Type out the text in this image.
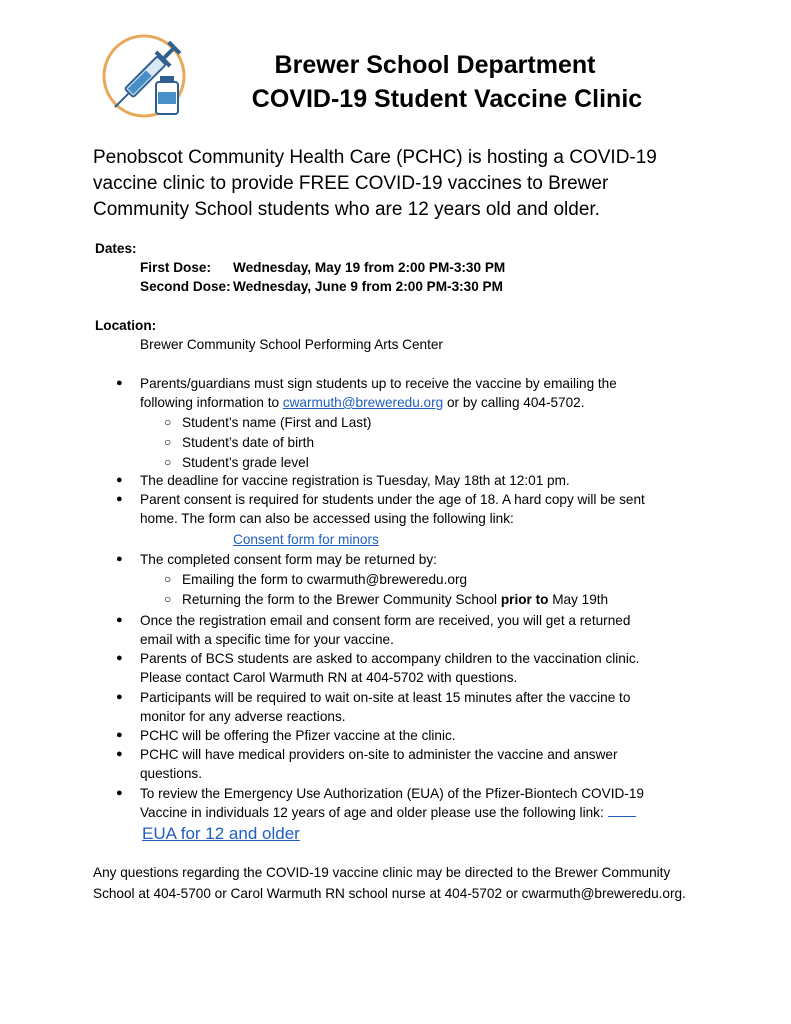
Brewer School Department
COVID-19 Student Vaccine Clinic
Penobscot Community Health Care (PCHC) is hosting a COVID-19 vaccine clinic to provide FREE COVID-19 vaccines to Brewer Community School students who are 12 years old and older.
Dates:
First Dose: Wednesday, May 19 from 2:00 PM-3:30 PM
Second Dose: Wednesday, June 9 from 2:00 PM-3:30 PM
Location:
Brewer Community School Performing Arts Center
● Parents/guardians must sign students up to receive the vaccine by emailing the
following information to cwarmuth@breweredu.org or by calling 404-5702.
○ Student’s name (First and Last)
○ Student’s date of birth
○ Student’s grade level
● The deadline for vaccine registration is Tuesday, May 18th at 12:01 pm.
● Parent consent is required for students under the age of 18. A hard copy will be sent
home. The form can also be accessed using the following link:
Consent form for minors
● The completed consent form may be returned by:
○ Emailing the form to cwarmuth@breweredu.org
○ Returning the form to the Brewer Community School prior to May 19th
● Once the registration email and consent form are received, you will get a returned
email with a specific time for your vaccine.
● Parents of BCS students are asked to accompany children to the vaccination clinic.
Please contact Carol Warmuth RN at 404-5702 with questions.
● Participants will be required to wait on-site at least 15 minutes after the vaccine to
monitor for any adverse reactions.
● PCHC will be offering the Pfizer vaccine at the clinic.
● PCHC will have medical providers on-site to administer the vaccine and answer
questions.
● To review the Emergency Use Authorization (EUA) of the Pfizer-Biontech COVID-19
Vaccine in individuals 12 years of age and older please use the following link:
EUA for 12 and older
Any questions regarding the COVID-19 vaccine clinic may be directed to the Brewer Community School at 404-5700 or Carol Warmuth RN school nurse at 404-5702 or cwarmuth@breweredu.org.
